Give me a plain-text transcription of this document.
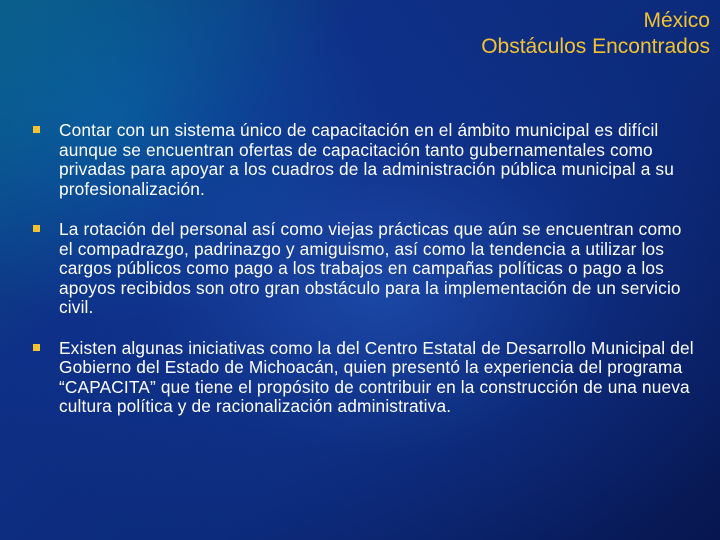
México
Obstáculos Encontrados
Contar con un sistema único de capacitación en el ámbito municipal es difícil aunque se encuentran ofertas de capacitación tanto gubernamentales como privadas para apoyar a los cuadros de la administración pública municipal a su profesionalización.
La rotación del personal así como viejas prácticas que aún se encuentran como el compadrazgo, padrinazgo y amiguismo, así como la tendencia a utilizar los cargos públicos como pago a los trabajos en campañas políticas o pago a los apoyos recibidos son otro gran obstáculo para la implementación de un servicio civil.
Existen algunas iniciativas como la del Centro Estatal de Desarrollo Municipal del Gobierno del Estado de Michoacán, quien presentó la experiencia del programa “CAPACITA” que tiene el propósito de contribuir en la construcción de una nueva cultura política y de racionalización administrativa.
